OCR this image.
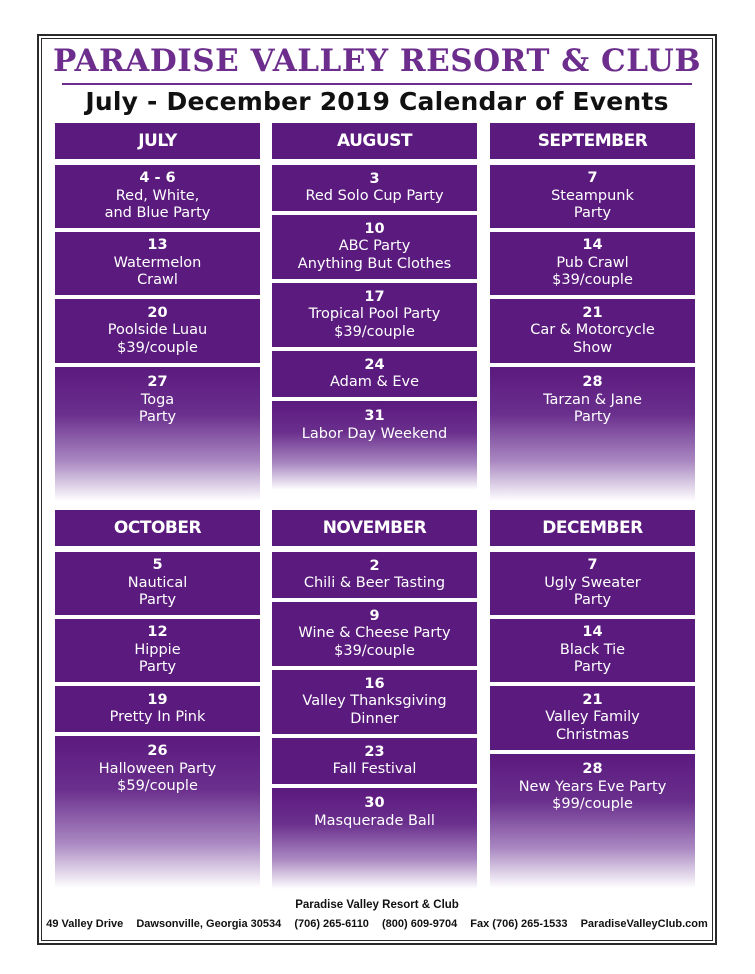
PARADISE VALLEY RESORT & CLUB
July - December 2019 Calendar of Events
JULY
4 - 6
Red, White,
and Blue Party
13
Watermelon
Crawl
20
Poolside Luau
$39/couple
27
Toga
Party
AUGUST
3
Red Solo Cup Party
10
ABC Party
Anything But Clothes
17
Tropical Pool Party
$39/couple
24
Adam & Eve
31
Labor Day Weekend
SEPTEMBER
7
Steampunk
Party
14
Pub Crawl
$39/couple
21
Car & Motorcycle
Show
28
Tarzan & Jane
Party
OCTOBER
5
Nautical
Party
12
Hippie
Party
19
Pretty In Pink
26
Halloween Party
$59/couple
NOVEMBER
2
Chili & Beer Tasting
9
Wine & Cheese Party
$39/couple
16
Valley Thanksgiving
Dinner
23
Fall Festival
30
Masquerade Ball
DECEMBER
7
Ugly Sweater
Party
14
Black Tie
Party
21
Valley Family
Christmas
28
New Years Eve Party
$99/couple
Paradise Valley Resort & Club
49 Valley Drive Dawsonville, Georgia 30534 (706) 265-6110 (800) 609-9704 Fax (706) 265-1533 ParadiseValleyClub.com
